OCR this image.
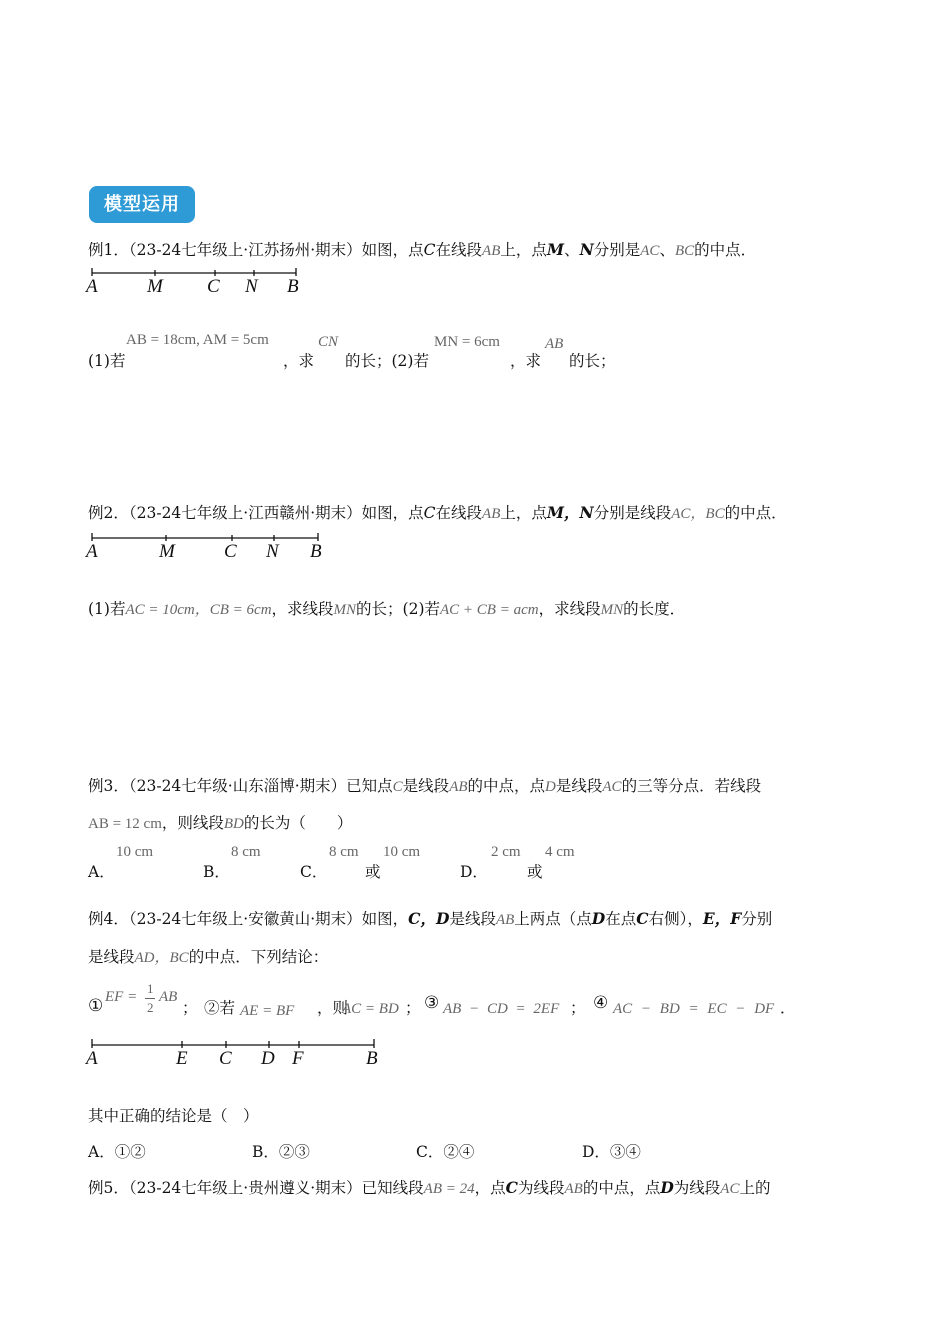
模型运用
例1．（23-24七年级上·江苏扬州·期末）如图，点C在线段AB上，点M、N分别是AC、BC的中点．
A	M C N B
(1)若
AB = 18cm, AM = 5cm
，求
CN
的长；(2)若
MN = 6cm
，求
AB
的长；
例2．（23-24七年级上·江西赣州·期末）如图，点C在线段AB上，点M，N分别是线段AC，BC的中点．
A	M	C N B
(1)若AC = 10cm，CB = 6cm，求线段MN的长；(2)若AC + CB = acm，求线段MN的长度．
例3．（23-24七年级·山东淄博·期末）已知点C是线段AB的中点，点D是线段AC的三等分点．若线段
AB = 12 cm，则线段BD的长为（　　）
A．
10 cm
B．
8 cm
C．
8 cm
或
10 cm
D．
2 cm
或
4 cm
例4．（23-24七年级上·安徽黄山·期末）如图，C，D是线段AB上两点（点D在点C右侧），E，F分别
是线段AD，BC的中点．下列结论：
① EF =
1
2
AB
； ②若 AE = BF ，则
AC = BD ； ③ AB − CD = 2EF ； ④ AC − BD = EC − DF ．
A	E C D F	B
其中正确的结论是（　）
A．①②	B．②③	C．②④	D．③④
例5．（23-24七年级上·贵州遵义·期末）已知线段AB = 24，点C为线段AB的中点，点D为线段AC上的
